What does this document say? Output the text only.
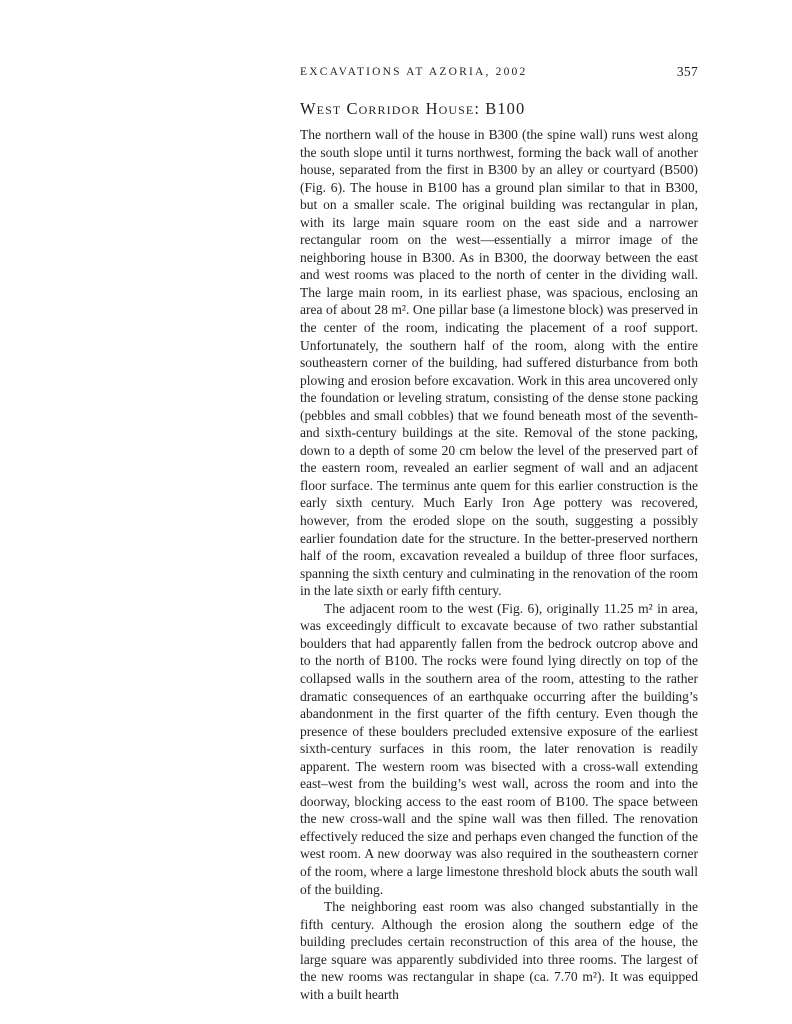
EXCAVATIONS AT AZORIA, 2002	357
West Corridor House: B100

The northern wall of the house in B300 (the spine wall) runs west along the south slope until it turns northwest, forming the back wall of another house, separated from the first in B300 by an alley or courtyard (B500) (Fig. 6). The house in B100 has a ground plan similar to that in B300, but on a smaller scale. The original building was rectangular in plan, with its large main square room on the east side and a narrower rectangular room on the west—essentially a mirror image of the neighboring house in B300. As in B300, the doorway between the east and west rooms was placed to the north of center in the dividing wall. The large main room, in its earliest phase, was spacious, enclosing an area of about 28 m². One pillar base (a limestone block) was preserved in the center of the room, indicating the placement of a roof support. Unfortunately, the southern half of the room, along with the entire southeastern corner of the building, had suffered disturbance from both plowing and erosion before excavation. Work in this area uncovered only the foundation or leveling stratum, consisting of the dense stone packing (pebbles and small cobbles) that we found beneath most of the seventh- and sixth-century buildings at the site. Removal of the stone packing, down to a depth of some 20 cm below the level of the preserved part of the eastern room, revealed an earlier segment of wall and an adjacent floor surface. The terminus ante quem for this earlier construction is the early sixth century. Much Early Iron Age pottery was recovered, however, from the eroded slope on the south, suggesting a possibly earlier foundation date for the structure. In the better-preserved northern half of the room, excavation revealed a buildup of three floor surfaces, spanning the sixth century and culminating in the renovation of the room in the late sixth or early fifth century.

The adjacent room to the west (Fig. 6), originally 11.25 m² in area, was exceedingly difficult to excavate because of two rather substantial boulders that had apparently fallen from the bedrock outcrop above and to the north of B100. The rocks were found lying directly on top of the collapsed walls in the southern area of the room, attesting to the rather dramatic consequences of an earthquake occurring after the building’s abandonment in the first quarter of the fifth century. Even though the presence of these boulders precluded extensive exposure of the earliest sixth-century surfaces in this room, the later renovation is readily apparent. The western room was bisected with a cross-wall extending east–west from the building’s west wall, across the room and into the doorway, blocking access to the east room of B100. The space between the new cross-wall and the spine wall was then filled. The renovation effectively reduced the size and perhaps even changed the function of the west room. A new doorway was also required in the southeastern corner of the room, where a large limestone threshold block abuts the south wall of the building.

The neighboring east room was also changed substantially in the fifth century. Although the erosion along the southern edge of the building precludes certain reconstruction of this area of the house, the large square was apparently subdivided into three rooms. The largest of the new rooms was rectangular in shape (ca. 7.70 m²). It was equipped with a built hearth
